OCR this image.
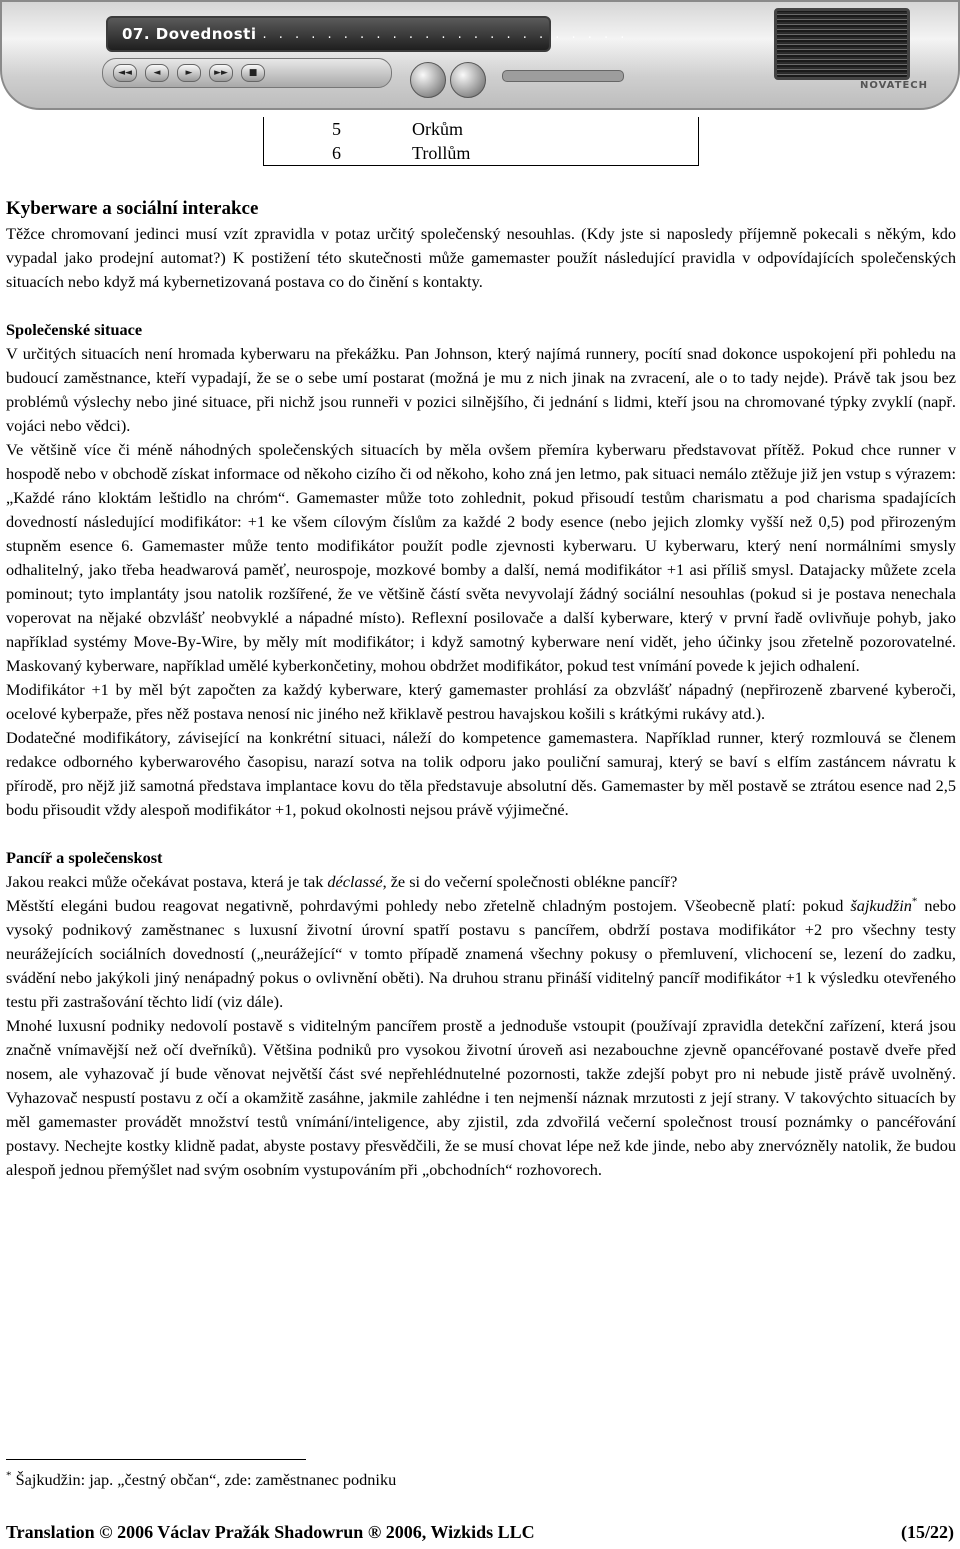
07. Dovednosti . . . . . . . . . . . . . . . . . . . . . . .
◄◄	◄	►	►►	■
NOVATECH
5	Orkům
6	Trollům

Kyberware a sociální interakce

Těžce chromovaní jedinci musí vzít zpravidla v potaz určitý společenský nesouhlas. (Kdy jste si naposledy příjemně pokecali s někým, kdo vypadal jako prodejní automat?) K postižení této skutečnosti může gamemaster použít následující pravidla v odpovídajících společenských situacích nebo když má kybernetizovaná postava co do činění s kontakty.

Společenské situace

V určitých situacích není hromada kyberwaru na překážku. Pan Johnson, který najímá runnery, pocítí snad dokonce uspokojení při pohledu na budoucí zaměstnance, kteří vypadají, že se o sebe umí postarat (možná je mu z nich jinak na zvracení, ale o to tady nejde). Právě tak jsou bez problémů výslechy nebo jiné situace, při nichž jsou runneři v pozici silnějšího, či jednání s lidmi, kteří jsou na chromované týpky zvyklí (např. vojáci nebo vědci).

Ve většině více či méně náhodných společenských situacích by měla ovšem přemíra kyberwaru představovat přítěž. Pokud chce runner v hospodě nebo v obchodě získat informace od někoho cizího či od někoho, koho zná jen letmo, pak situaci nemálo ztěžuje již jen vstup s výrazem: „Každé ráno kloktám leštidlo na chróm“. Gamemaster může toto zohlednit, pokud přisoudí testům charismatu a pod charisma spadajících dovedností následující modifikátor: +1 ke všem cílovým číslům za každé 2 body esence (nebo jejich zlomky vyšší než 0,5) pod přirozeným stupněm esence 6. Gamemaster může tento modifikátor použít podle zjevnosti kyberwaru. U kyberwaru, který není normálními smysly odhalitelný, jako třeba headwarová paměť, neurospoje, mozkové bomby a další, nemá modifikátor +1 asi příliš smysl. Datajacky můžete zcela pominout; tyto implantáty jsou natolik rozšířené, že ve většině částí světa nevyvolají žádný sociální nesouhlas (pokud si je postava nenechala voperovat na nějaké obzvlášť neobvyklé a nápadné místo). Reflexní posilovače a další kyberware, který v první řadě ovlivňuje pohyb, jako například systémy Move-By-Wire, by měly mít modifikátor; i když samotný kyberware není vidět, jeho účinky jsou zřetelně pozorovatelné. Maskovaný kyberware, například umělé kyberkončetiny, mohou obdržet modifikátor, pokud test vnímání povede k jejich odhalení.

Modifikátor +1 by měl být započten za každý kyberware, který gamemaster prohlásí za obzvlášť nápadný (nepřirozeně zbarvené kyberoči, ocelové kyberpaže, přes něž postava nenosí nic jiného než křiklavě pestrou havajskou košili s krátkými rukávy atd.).

Dodatečné modifikátory, závisející na konkrétní situaci, náleží do kompetence gamemastera. Například runner, který rozmlouvá se členem redakce odborného kyberwarového časopisu, narazí sotva na tolik odporu jako pouliční samuraj, který se baví s elfím zastáncem návratu k přírodě, pro nějž již samotná představa implantace kovu do těla představuje absolutní děs. Gamemaster by měl postavě se ztrátou esence nad 2,5 bodu přisoudit vždy alespoň modifikátor +1, pokud okolnosti nejsou právě výjimečné.

Pancíř a společenskost

Jakou reakci může očekávat postava, která je tak déclassé, že si do večerní společnosti oblékne pancíř?

Městští elegáni budou reagovat negativně, pohrdavými pohledy nebo zřetelně chladným postojem. Všeobecně platí: pokud šajkudžin* nebo vysoký podnikový zaměstnanec s luxusní životní úrovní spatří postavu s pancířem, obdrží postava modifikátor +2 pro všechny testy neurážejících sociálních dovedností („neurážející“ v tomto případě znamená všechny pokusy o přemluvení, vlichocení se, lezení do zadku, svádění nebo jakýkoli jiný nenápadný pokus o ovlivnění oběti). Na druhou stranu přináší viditelný pancíř modifikátor +1 k výsledku otevřeného testu při zastrašování těchto lidí (viz dále).

Mnohé luxusní podniky nedovolí postavě s viditelným pancířem prostě a jednoduše vstoupit (používají zpravidla detekční zařízení, která jsou značně vnímavější než očí dveřníků). Většina podniků pro vysokou životní úroveň asi nezabouchne zjevně opancéřované postavě dveře před nosem, ale vyhazovač jí bude věnovat největší část své nepřehlédnutelné pozornosti, takže zdejší pobyt pro ni nebude jistě právě uvolněný. Vyhazovač nespustí postavu z očí a okamžitě zasáhne, jakmile zahlédne i ten nejmenší náznak mrzutosti z její strany. V takovýchto situacích by měl gamemaster provádět množství testů vnímání/inteligence, aby zjistil, zda zdvořilá večerní společnost trousí poznámky o pancéřování postavy. Nechejte kostky klidně padat, abyste postavy přesvědčili, že se musí chovat lépe než kde jinde, nebo aby znervózněly natolik, že budou alespoň jednou přemýšlet nad svým osobním vystupováním při „obchodních“ rozhovorech.

* Šajkudžin: jap. „čestný občan“, zde: zaměstnanec podniku
Translation © 2006 Václav Pražák Shadowrun ® 2006, Wizkids LLC	(15/22)
